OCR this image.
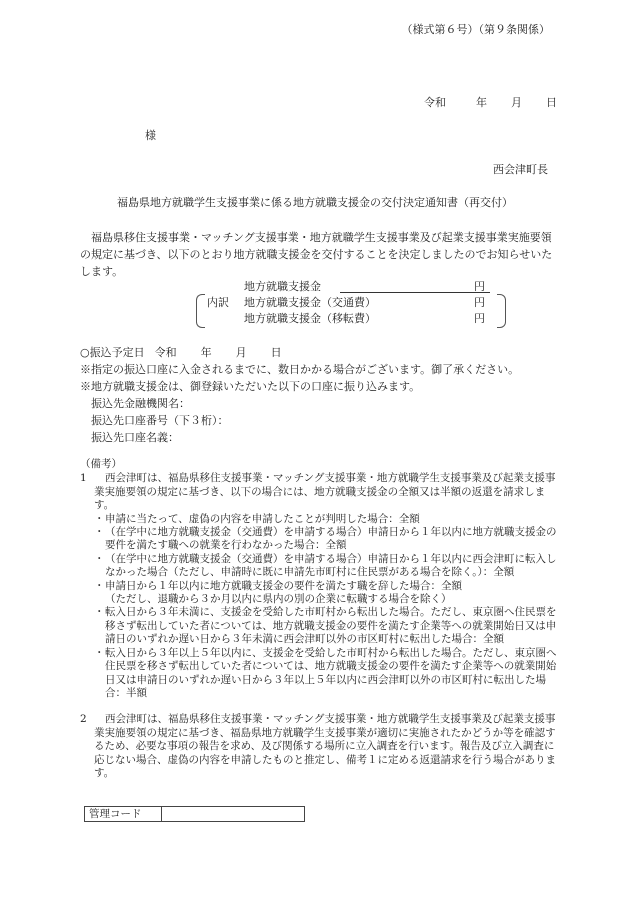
（様式第６号）（第９条関係）
令和	年 月 日
様
西会津町長
福島県地方就職学生支援事業に係る地方就職支援金の交付決定通知書（再交付）
福島県移住支援事業・マッチング支援事業・地方就職学生支援事業及び起業支援事業実施要領の規定に基づき、以下のとおり地方就職支援金を交付することを決定しましたのでお知らせいたします。
地方就職支援金	円
内訳 地方就職支援金（交通費）	円
地方就職支援金（移転費）	円
○振込予定日 令和 年 月 日
※指定の振込口座に入金されるまでに、数日かかる場合がございます。御了承ください。
※地方就職支援金は、御登録いただいた以下の口座に振り込みます。
振込先金融機関名：
振込先口座番号（下３桁）：
振込先口座名義：
（備考）
1	西会津町は、福島県移住支援事業・マッチング支援事業・地方就職学生支援事業及び起業支援事業実施要領の規定に基づき、以下の場合には、地方就職支援金の全額又は半額の返還を請求します。
・ 申請に当たって、虚偽の内容を申請したことが判明した場合：全額
・ （在学中に地方就職支援金（交通費）を申請する場合）申請日から１年以内に地方就職支援金の要件を満たす職への就業を行わなかった場合：全額
・ （在学中に地方就職支援金（交通費）を申請する場合）申請日から１年以内に西会津町に転入しなかった場合（ただし、申請時に既に申請先市町村に住民票がある場合を除く。）：全額
・ 申請日から１年以内に地方就職支援金の要件を満たす職を辞した場合：全額
（ただし、退職から３か月以内に県内の別の企業に転職する場合を除く）
・ 転入日から３年未満に、支援金を受給した市町村から転出した場合。ただし、東京圏へ住民票を移さず転出していた者については、地方就職支援金の要件を満たす企業等への就業開始日又は申請日のいずれか遅い日から３年未満に西会津町以外の市区町村に転出した場合：全額
・ 転入日から３年以上５年以内に、支援金を受給した市町村から転出した場合。ただし、東京圏へ住民票を移さず転出していた者については、地方就職支援金の要件を満たす企業等への就業開始日又は申請日のいずれか遅い日から３年以上５年以内に西会津町以外の市区町村に転出した場合：半額
2	西会津町は、福島県移住支援事業・マッチング支援事業・地方就職学生支援事業及び起業支援事業実施要領の規定に基づき、福島県地方就職学生支援事業が適切に実施されたかどうか等を確認するため、必要な事項の報告を求め、及び関係する場所に立入調査を行います。報告及び立入調査に応じない場合、虚偽の内容を申請したものと推定し、備考１に定める返還請求を行う場合があります。
管理コード	
